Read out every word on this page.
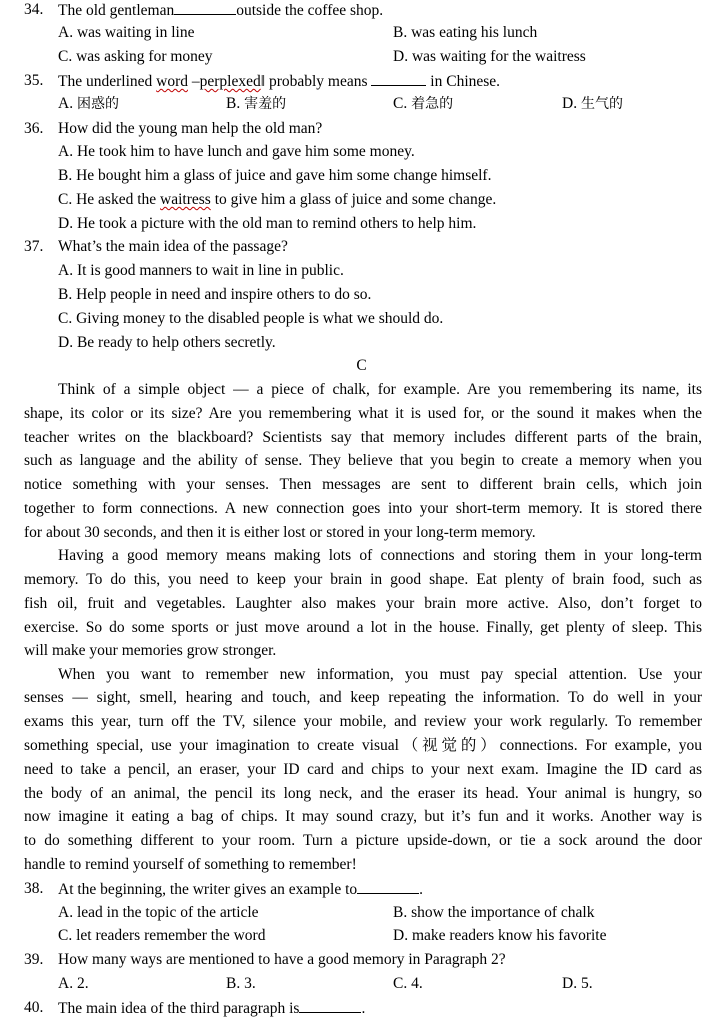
34. The old gentleman	outside the coffee shop.
A. was waiting in line	B. was eating his lunch
C. was asking for money	D. was waiting for the waitress
35. The underlined word –perplexed‖ probably means	in Chinese.
A. 困惑的	B. 害羞的	C. 着急的	D. 生气的
36. How did the young man help the old man?
A. He took him to have lunch and gave him some money.
B. He bought him a glass of juice and gave him some change himself.
C. He asked the waitress to give him a glass of juice and some change.
D. He took a picture with the old man to remind others to help him.
37. What’s the main idea of the passage?
A. It is good manners to wait in line in public.
B. Help people in need and inspire others to do so.
C. Giving money to the disabled people is what we should do.
D. Be ready to help others secretly.
C
Think of a simple object — a piece of chalk, for example. Are you remembering its name, its
shape, its color or its size? Are you remembering what it is used for, or the sound it makes when the
teacher writes on the blackboard? Scientists say that memory includes different parts of the brain,
such as language and the ability of sense. They believe that you begin to create a memory when you
notice something with your senses. Then messages are sent to different brain cells, which join
together to form connections. A new connection goes into your short-term memory. It is stored there
for about 30 seconds, and then it is either lost or stored in your long-term memory.
Having a good memory means making lots of connections and storing them in your long-term
memory. To do this, you need to keep your brain in good shape. Eat plenty of brain food, such as
fish oil, fruit and vegetables. Laughter also makes your brain more active. Also, don’t forget to
exercise. So do some sports or just move around a lot in the house. Finally, get plenty of sleep. This
will make your memories grow stronger.
When you want to remember new information, you must pay special attention. Use your
senses — sight, smell, hearing and touch, and keep repeating the information. To do well in your
exams this year, turn off the TV, silence your mobile, and review your work regularly. To remember
something special, use your imagination to create visual（视觉的）connections. For example, you
need to take a pencil, an eraser, your ID card and chips to your next exam. Imagine the ID card as
the body of an animal, the pencil its long neck, and the eraser its head. Your animal is hungry, so
now imagine it eating a bag of chips. It may sound crazy, but it’s fun and it works. Another way is
to do something different to your room. Turn a picture upside-down, or tie a sock around the door
handle to remind yourself of something to remember!
38. At the beginning, the writer gives an example to	.
A. lead in the topic of the article	B. show the importance of chalk
C. let readers remember the word	D. make readers know his favorite
39. How many ways are mentioned to have a good memory in Paragraph 2?
A. 2.	B. 3.	C. 4.	D. 5.
40. The main idea of the third paragraph is	.
